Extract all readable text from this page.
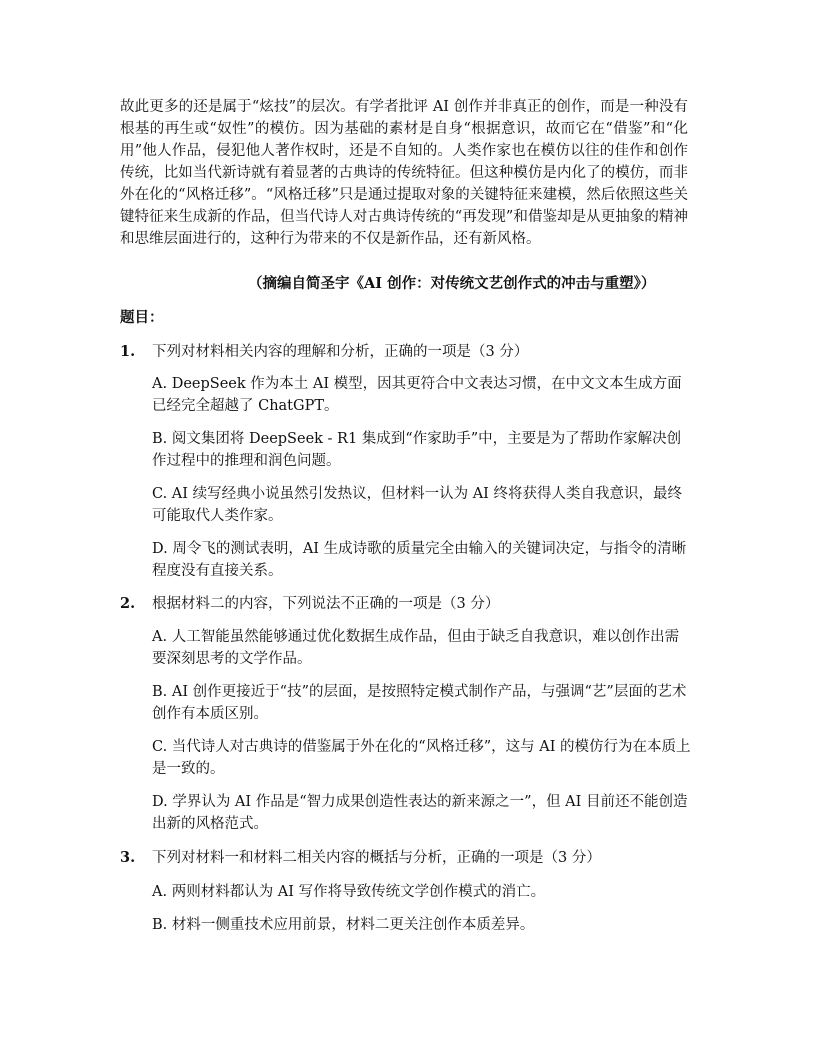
故此更多的还是属于“炫技”的层次。有学者批评 AI 创作并非真正的创作，而是一种没有根基的再生或“奴性”的模仿。因为基础的素材是自身“根据意识，故而它在“借鉴”和“化用”他人作品，侵犯他人著作权时，还是不自知的。人类作家也在模仿以往的佳作和创作传统，比如当代新诗就有着显著的古典诗的传统特征。但这种模仿是内化了的模仿，而非外在化的“风格迁移”。“风格迁移”只是通过提取对象的关键特征来建模，然后依照这些关键特征来生成新的作品，但当代诗人对古典诗传统的“再发现”和借鉴却是从更抽象的精神和思维层面进行的，这种行为带来的不仅是新作品，还有新风格。

（摘编自简圣宇《AI 创作：对传统文艺创作式的冲击与重塑》）

题目：

1. 下列对材料相关内容的理解和分析，正确的一项是（3 分）

A. DeepSeek 作为本土 AI 模型，因其更符合中文表达习惯，在中文文本生成方面已经完全超越了 ChatGPT。

B. 阅文集团将 DeepSeek - R1 集成到“作家助手”中，主要是为了帮助作家解决创作过程中的推理和润色问题。

C. AI 续写经典小说虽然引发热议，但材料一认为 AI 终将获得人类自我意识，最终可能取代人类作家。

D. 周令飞的测试表明，AI 生成诗歌的质量完全由输入的关键词决定，与指令的清晰程度没有直接关系。

2. 根据材料二的内容，下列说法不正确的一项是（3 分）

A. 人工智能虽然能够通过优化数据生成作品，但由于缺乏自我意识，难以创作出需要深刻思考的文学作品。

B. AI 创作更接近于“技”的层面，是按照特定模式制作产品，与强调“艺”层面的艺术创作有本质区别。

C. 当代诗人对古典诗的借鉴属于外在化的“风格迁移”，这与 AI 的模仿行为在本质上是一致的。

D. 学界认为 AI 作品是“智力成果创造性表达的新来源之一”，但 AI 目前还不能创造出新的风格范式。

3. 下列对材料一和材料二相关内容的概括与分析，正确的一项是（3 分）

A. 两则材料都认为 AI 写作将导致传统文学创作模式的消亡。

B. 材料一侧重技术应用前景，材料二更关注创作本质差异。
